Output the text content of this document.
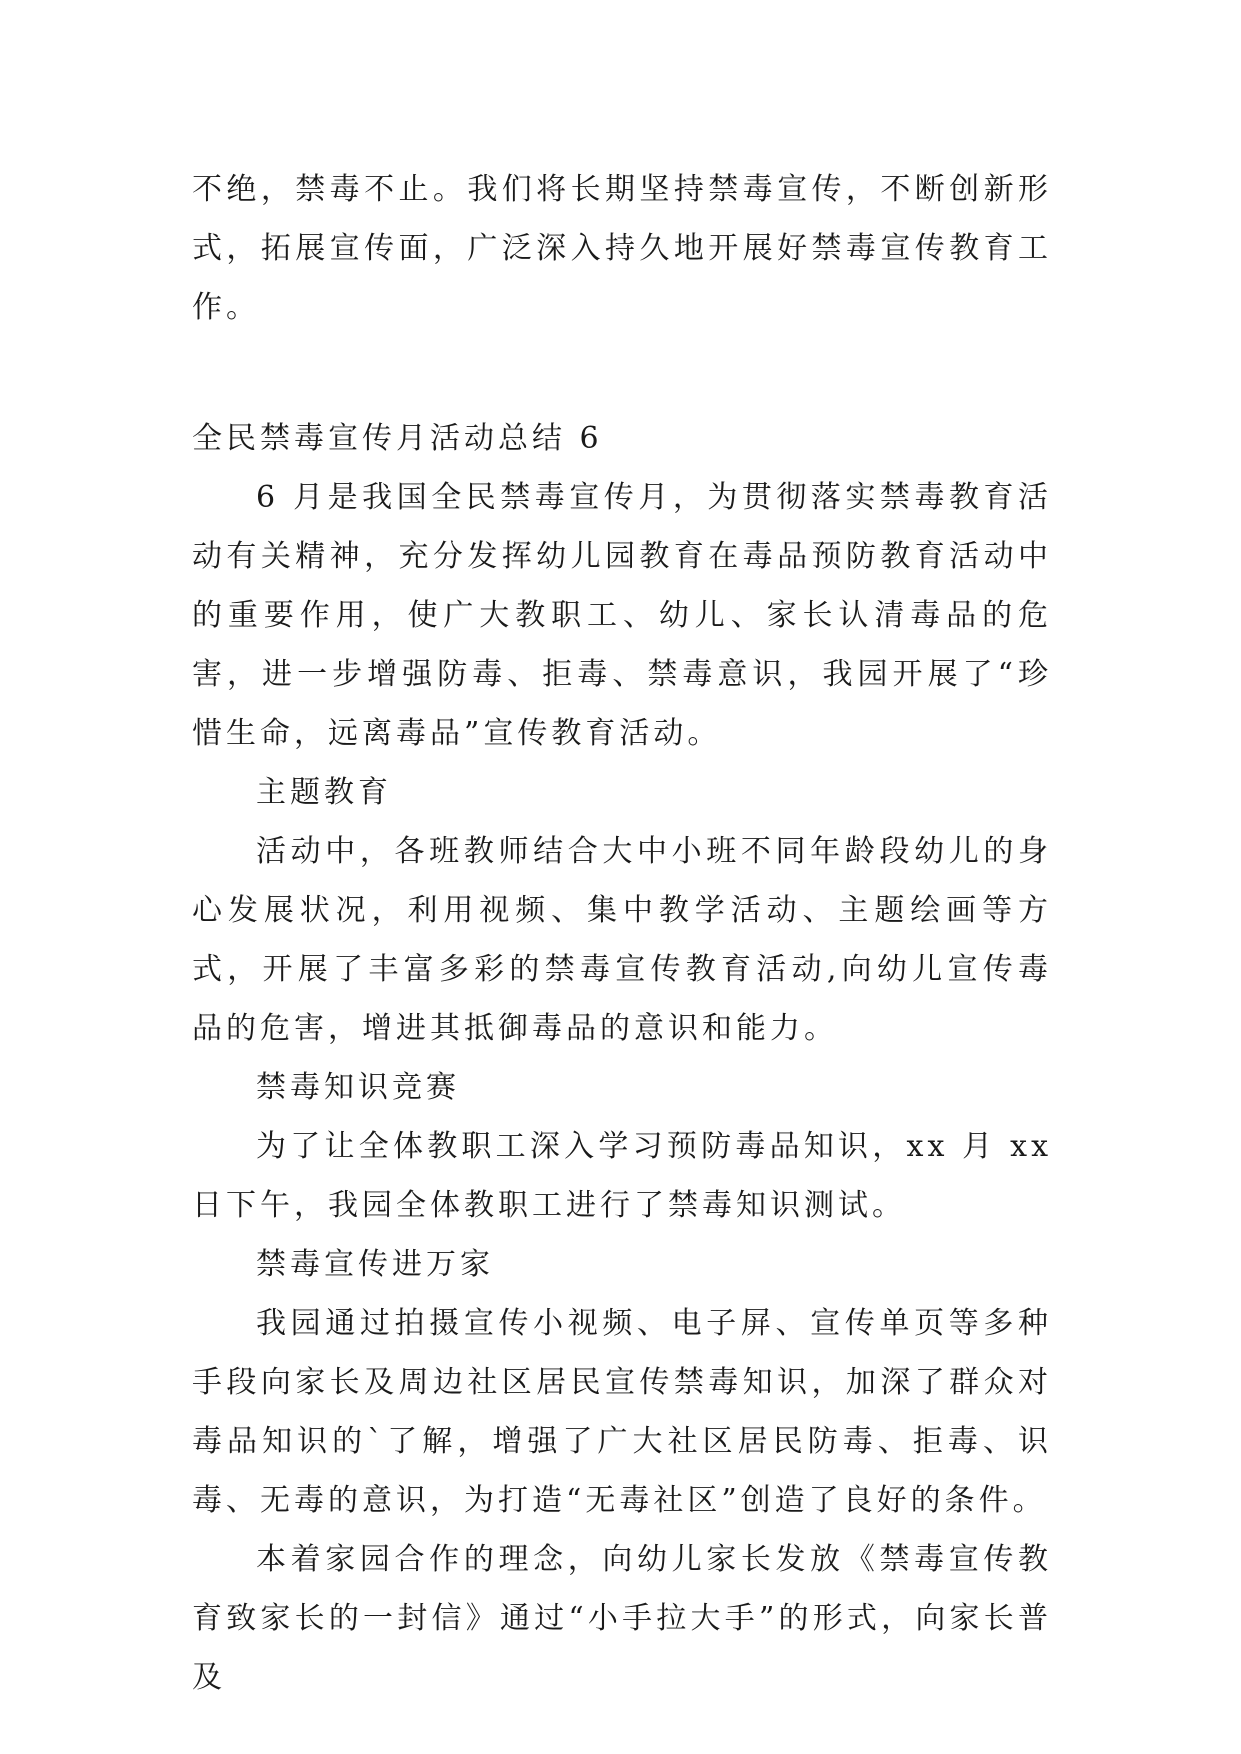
不绝，禁毒不止。我们将长期坚持禁毒宣传，不断创新形式，拓展宣传面，广泛深入持久地开展好禁毒宣传教育工作。

全民禁毒宣传月活动总结 6

6 月是我国全民禁毒宣传月，为贯彻落实禁毒教育活动有关精神，充分发挥幼儿园教育在毒品预防教育活动中的重要作用，使广大教职工、幼儿、家长认清毒品的危害，进一步增强防毒、拒毒、禁毒意识，我园开展了“珍惜生命，远离毒品”宣传教育活动。

主题教育

活动中，各班教师结合大中小班不同年龄段幼儿的身心发展状况，利用视频、集中教学活动、主题绘画等方式，开展了丰富多彩的禁毒宣传教育活动,向幼儿宣传毒品的危害，增进其抵御毒品的意识和能力。

禁毒知识竞赛

为了让全体教职工深入学习预防毒品知识，xx 月 xx 日下午，我园全体教职工进行了禁毒知识测试。

禁毒宣传进万家

我园通过拍摄宣传小视频、电子屏、宣传单页等多种手段向家长及周边社区居民宣传禁毒知识，加深了群众对毒品知识的`了解，增强了广大社区居民防毒、拒毒、识毒、无毒的意识，为打造“无毒社区”创造了良好的条件。

本着家园合作的理念，向幼儿家长发放《禁毒宣传教育致家长的一封信》通过“小手拉大手”的形式，向家长普及
